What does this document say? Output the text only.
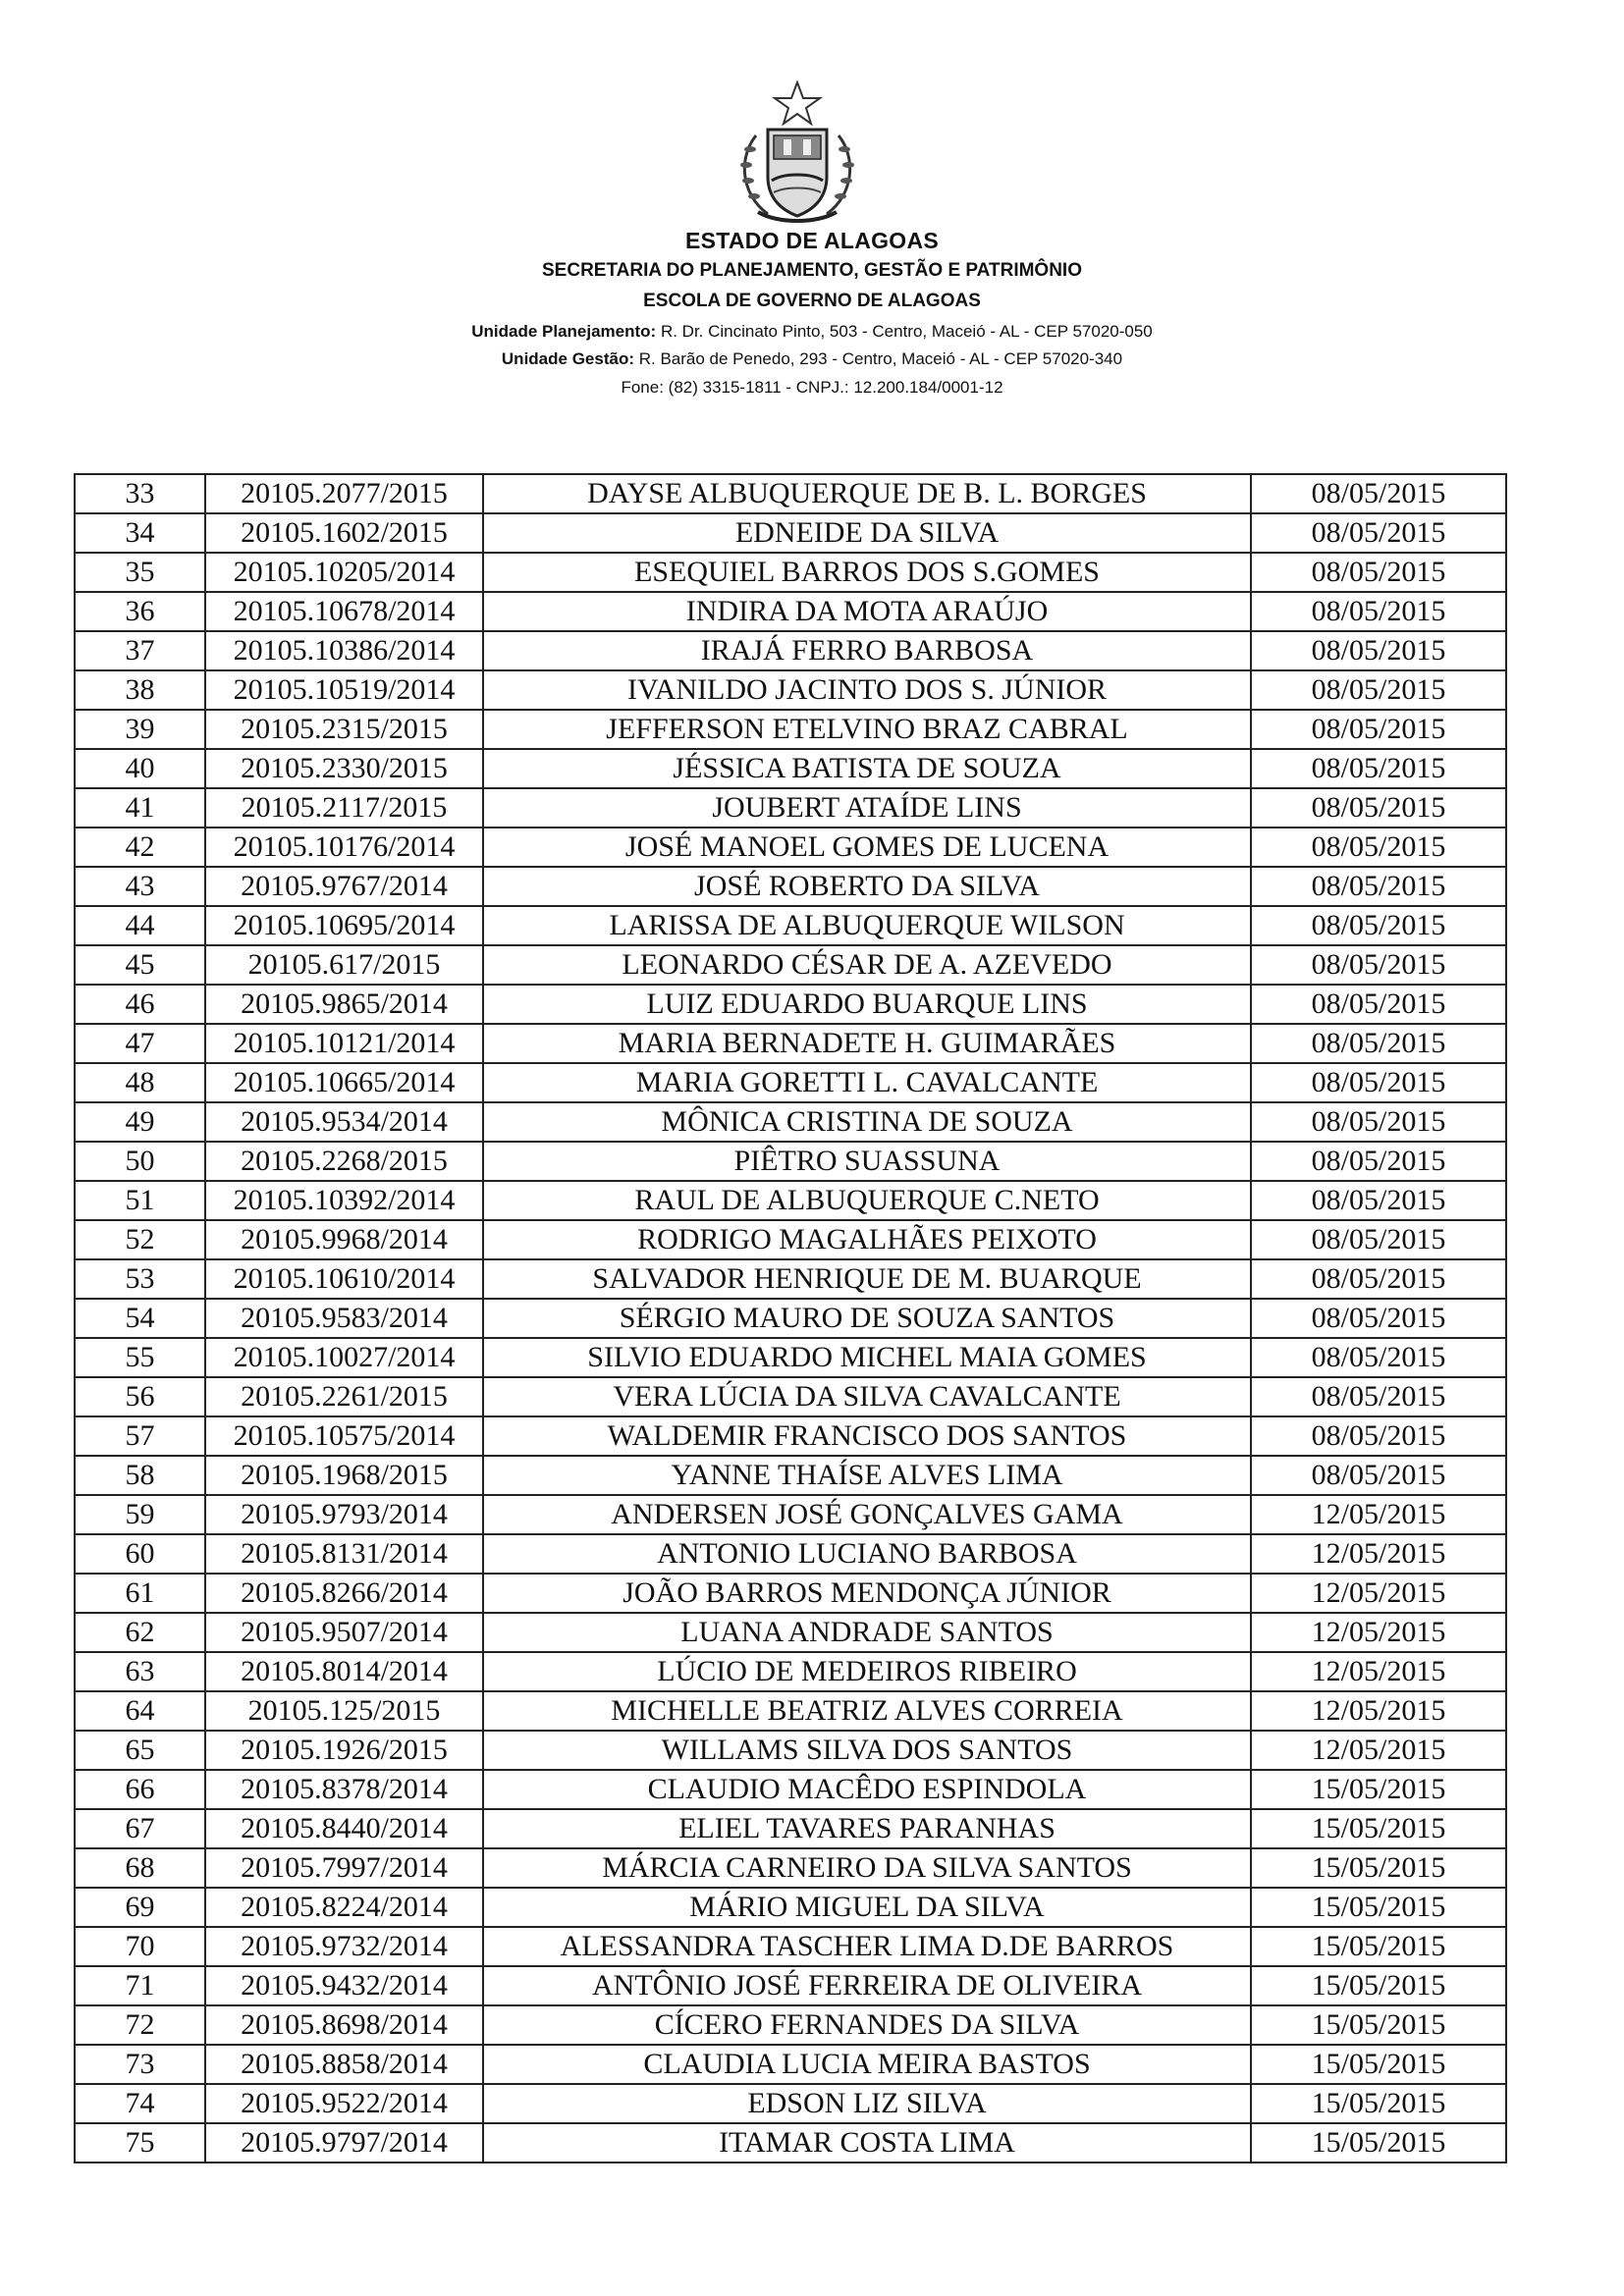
ESTADO DE ALAGOAS
SECRETARIA DO PLANEJAMENTO, GESTÃO E PATRIMÔNIO
ESCOLA DE GOVERNO DE ALAGOAS
Unidade Planejamento: R. Dr. Cincinato Pinto, 503 - Centro, Maceió - AL - CEP 57020-050
Unidade Gestão: R. Barão de Penedo, 293 - Centro, Maceió - AL - CEP 57020-340
Fone: (82) 3315-1811 - CNPJ.: 12.200.184/0001-12
33	20105.2077/2015	DAYSE ALBUQUERQUE DE B. L. BORGES	08/05/2015
34	20105.1602/2015	EDNEIDE DA SILVA	08/05/2015
35	20105.10205/2014	ESEQUIEL BARROS DOS S.GOMES	08/05/2015
36	20105.10678/2014	INDIRA DA MOTA ARAÚJO	08/05/2015
37	20105.10386/2014	IRAJÁ FERRO BARBOSA	08/05/2015
38	20105.10519/2014	IVANILDO JACINTO DOS S. JÚNIOR	08/05/2015
39	20105.2315/2015	JEFFERSON ETELVINO BRAZ CABRAL	08/05/2015
40	20105.2330/2015	JÉSSICA BATISTA DE SOUZA	08/05/2015
41	20105.2117/2015	JOUBERT ATAÍDE LINS	08/05/2015
42	20105.10176/2014	JOSÉ MANOEL GOMES DE LUCENA	08/05/2015
43	20105.9767/2014	JOSÉ ROBERTO DA SILVA	08/05/2015
44	20105.10695/2014	LARISSA DE ALBUQUERQUE WILSON	08/05/2015
45	20105.617/2015	LEONARDO CÉSAR DE A. AZEVEDO	08/05/2015
46	20105.9865/2014	LUIZ EDUARDO BUARQUE LINS	08/05/2015
47	20105.10121/2014	MARIA BERNADETE H. GUIMARÃES	08/05/2015
48	20105.10665/2014	MARIA GORETTI L. CAVALCANTE	08/05/2015
49	20105.9534/2014	MÔNICA CRISTINA DE SOUZA	08/05/2015
50	20105.2268/2015	PIÊTRO SUASSUNA	08/05/2015
51	20105.10392/2014	RAUL DE ALBUQUERQUE C.NETO	08/05/2015
52	20105.9968/2014	RODRIGO MAGALHÃES PEIXOTO	08/05/2015
53	20105.10610/2014	SALVADOR HENRIQUE DE M. BUARQUE	08/05/2015
54	20105.9583/2014	SÉRGIO MAURO DE SOUZA SANTOS	08/05/2015
55	20105.10027/2014	SILVIO EDUARDO MICHEL MAIA GOMES	08/05/2015
56	20105.2261/2015	VERA LÚCIA DA SILVA CAVALCANTE	08/05/2015
57	20105.10575/2014	WALDEMIR FRANCISCO DOS SANTOS	08/05/2015
58	20105.1968/2015	YANNE THAÍSE ALVES LIMA	08/05/2015
59	20105.9793/2014	ANDERSEN JOSÉ GONÇALVES GAMA	12/05/2015
60	20105.8131/2014	ANTONIO LUCIANO BARBOSA	12/05/2015
61	20105.8266/2014	JOÃO BARROS MENDONÇA JÚNIOR	12/05/2015
62	20105.9507/2014	LUANA ANDRADE SANTOS	12/05/2015
63	20105.8014/2014	LÚCIO DE MEDEIROS RIBEIRO	12/05/2015
64	20105.125/2015	MICHELLE BEATRIZ ALVES CORREIA	12/05/2015
65	20105.1926/2015	WILLAMS SILVA DOS SANTOS	12/05/2015
66	20105.8378/2014	CLAUDIO MACÊDO ESPINDOLA	15/05/2015
67	20105.8440/2014	ELIEL TAVARES PARANHAS	15/05/2015
68	20105.7997/2014	MÁRCIA CARNEIRO DA SILVA SANTOS	15/05/2015
69	20105.8224/2014	MÁRIO MIGUEL DA SILVA	15/05/2015
70	20105.9732/2014	ALESSANDRA TASCHER LIMA D.DE BARROS	15/05/2015
71	20105.9432/2014	ANTÔNIO JOSÉ FERREIRA DE OLIVEIRA	15/05/2015
72	20105.8698/2014	CÍCERO FERNANDES DA SILVA	15/05/2015
73	20105.8858/2014	CLAUDIA LUCIA MEIRA BASTOS	15/05/2015
74	20105.9522/2014	EDSON LIZ SILVA	15/05/2015
75	20105.9797/2014	ITAMAR COSTA LIMA	15/05/2015
